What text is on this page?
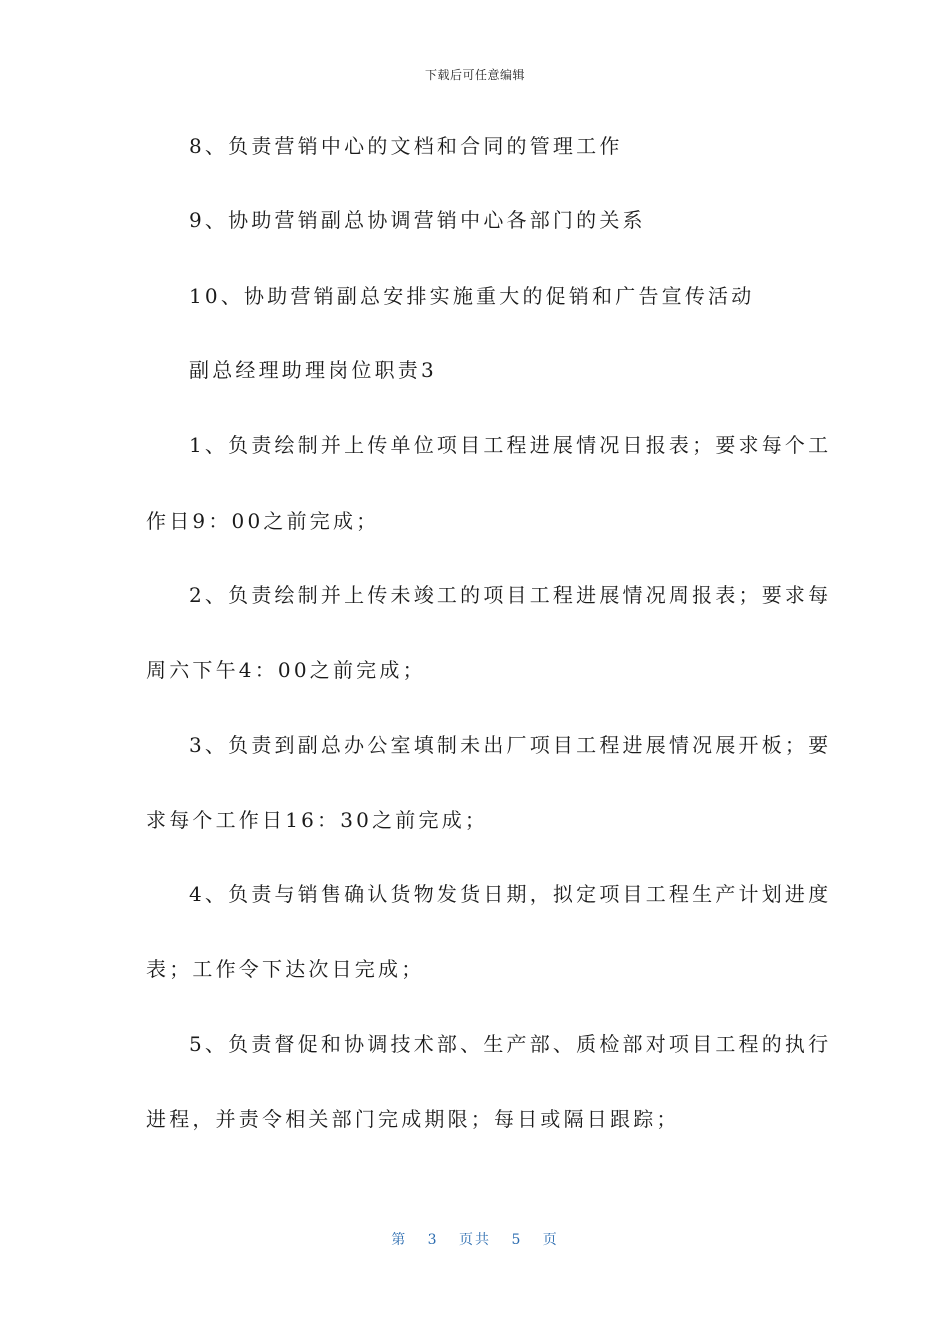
下载后可任意编辑
8、负责营销中心的文档和合同的管理工作
9、协助营销副总协调营销中心各部门的关系
10、协助营销副总安排实施重大的促销和广告宣传活动
副总经理助理岗位职责3
1、负责绘制并上传单位项目工程进展情况日报表；要求每个工
作日9：00之前完成；
2、负责绘制并上传未竣工的项目工程进展情况周报表；要求每
周六下午4：00之前完成；
3、负责到副总办公室填制未出厂项目工程进展情况展开板；要
求每个工作日16：30之前完成；
4、负责与销售确认货物发货日期，拟定项目工程生产计划进度
表；工作令下达次日完成；
5、负责督促和协调技术部、生产部、质检部对项目工程的执行
进程，并责令相关部门完成期限；每日或隔日跟踪；
第 3 页共 5 页
